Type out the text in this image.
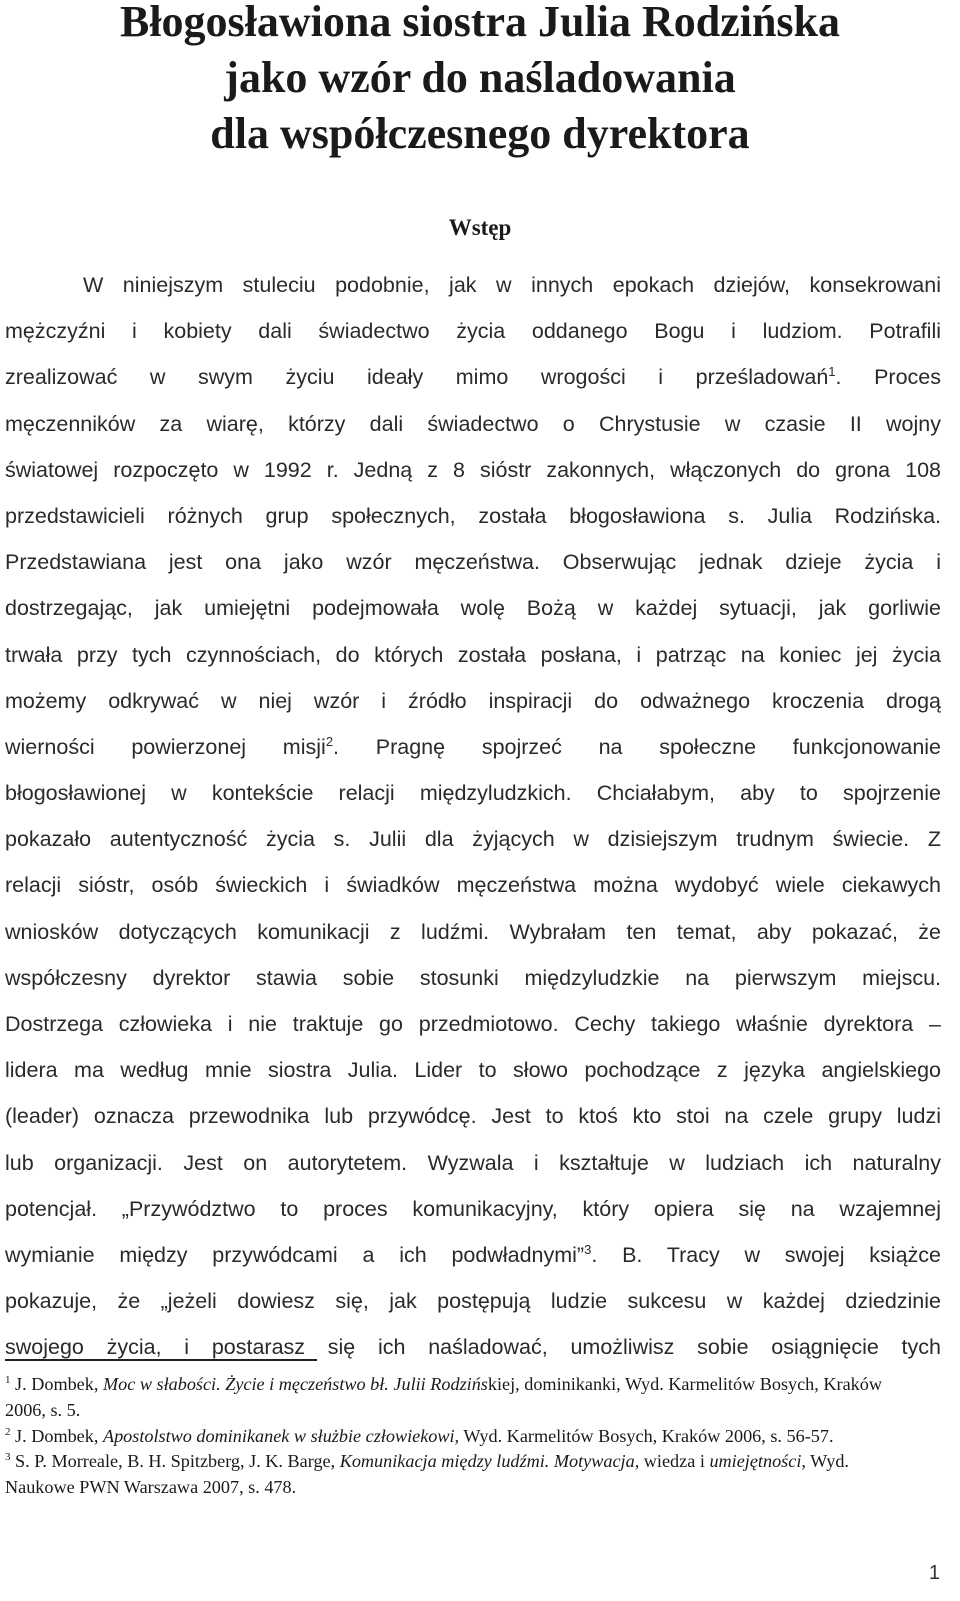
Błogosławiona siostra Julia Rodzińska
jako wzór do naśladowania
dla współczesnego dyrektora
Wstęp
W niniejszym stuleciu podobnie, jak w innych epokach dziejów, konsekrowani
mężczyźni i kobiety dali świadectwo życia oddanego Bogu i ludziom. Potrafili
zrealizować w swym życiu ideały mimo wrogości i prześladowań$^1$. Proces
męczenników za wiarę, którzy dali świadectwo o Chrystusie w czasie II wojny
światowej rozpoczęto w 1992 r. Jedną z 8 sióstr zakonnych, włączonych do grona 108
przedstawicieli różnych grup społecznych, została błogosławiona s. Julia Rodzińska.
Przedstawiana jest ona jako wzór męczeństwa. Obserwując jednak dzieje życia i
dostrzegając, jak umiejętni podejmowała wolę Bożą w każdej sytuacji, jak gorliwie
trwała przy tych czynnościach, do których została posłana, i patrząc na koniec jej życia
możemy odkrywać w niej wzór i źródło inspiracji do odważnego kroczenia drogą
wierności powierzonej misji$^2$. Pragnę spojrzeć na społeczne funkcjonowanie
błogosławionej w kontekście relacji międzyludzkich. Chciałabym, aby to spojrzenie
pokazało autentyczność życia s. Julii dla żyjących w dzisiejszym trudnym świecie. Z
relacji sióstr, osób świeckich i świadków męczeństwa można wydobyć wiele ciekawych
wniosków dotyczących komunikacji z ludźmi. Wybrałam ten temat, aby pokazać, że
współczesny dyrektor stawia sobie stosunki międzyludzkie na pierwszym miejscu.
Dostrzega człowieka i nie traktuje go przedmiotowo. Cechy takiego właśnie dyrektora –
lidera ma według mnie siostra Julia. Lider to słowo pochodzące z języka angielskiego
(leader) oznacza przewodnika lub przywódcę. Jest to ktoś kto stoi na czele grupy ludzi
lub organizacji. Jest on autorytetem. Wyzwala i kształtuje w ludziach ich naturalny
potencjał. „Przywództwo to proces komunikacyjny, który opiera się na wzajemnej
wymianie między przywódcami a ich podwładnymi”$^3$. B. Tracy w swojej książce
pokazuje, że „jeżeli dowiesz się, jak postępują ludzie sukcesu w każdej dziedzinie
swojego życia, i postarasz się ich naśladować, umożliwisz sobie osiągnięcie tych

$^1$ J. Dombek, Moc w słabości. Życie i męczeństwo bł. Julii Rodzińskiej, dominikanki, Wyd. Karmelitów Bosych, Kraków 2006, s. 5.

$^2$ J. Dombek, Apostolstwo dominikanek w służbie człowiekowi, Wyd. Karmelitów Bosych, Kraków 2006, s. 56-57.

$^3$ S. P. Morreale, B. H. Spitzberg, J. K. Barge, Komunikacja między ludźmi. Motywacja, wiedza i umiejętności, Wyd. Naukowe PWN Warszawa 2007, s. 478.

1
